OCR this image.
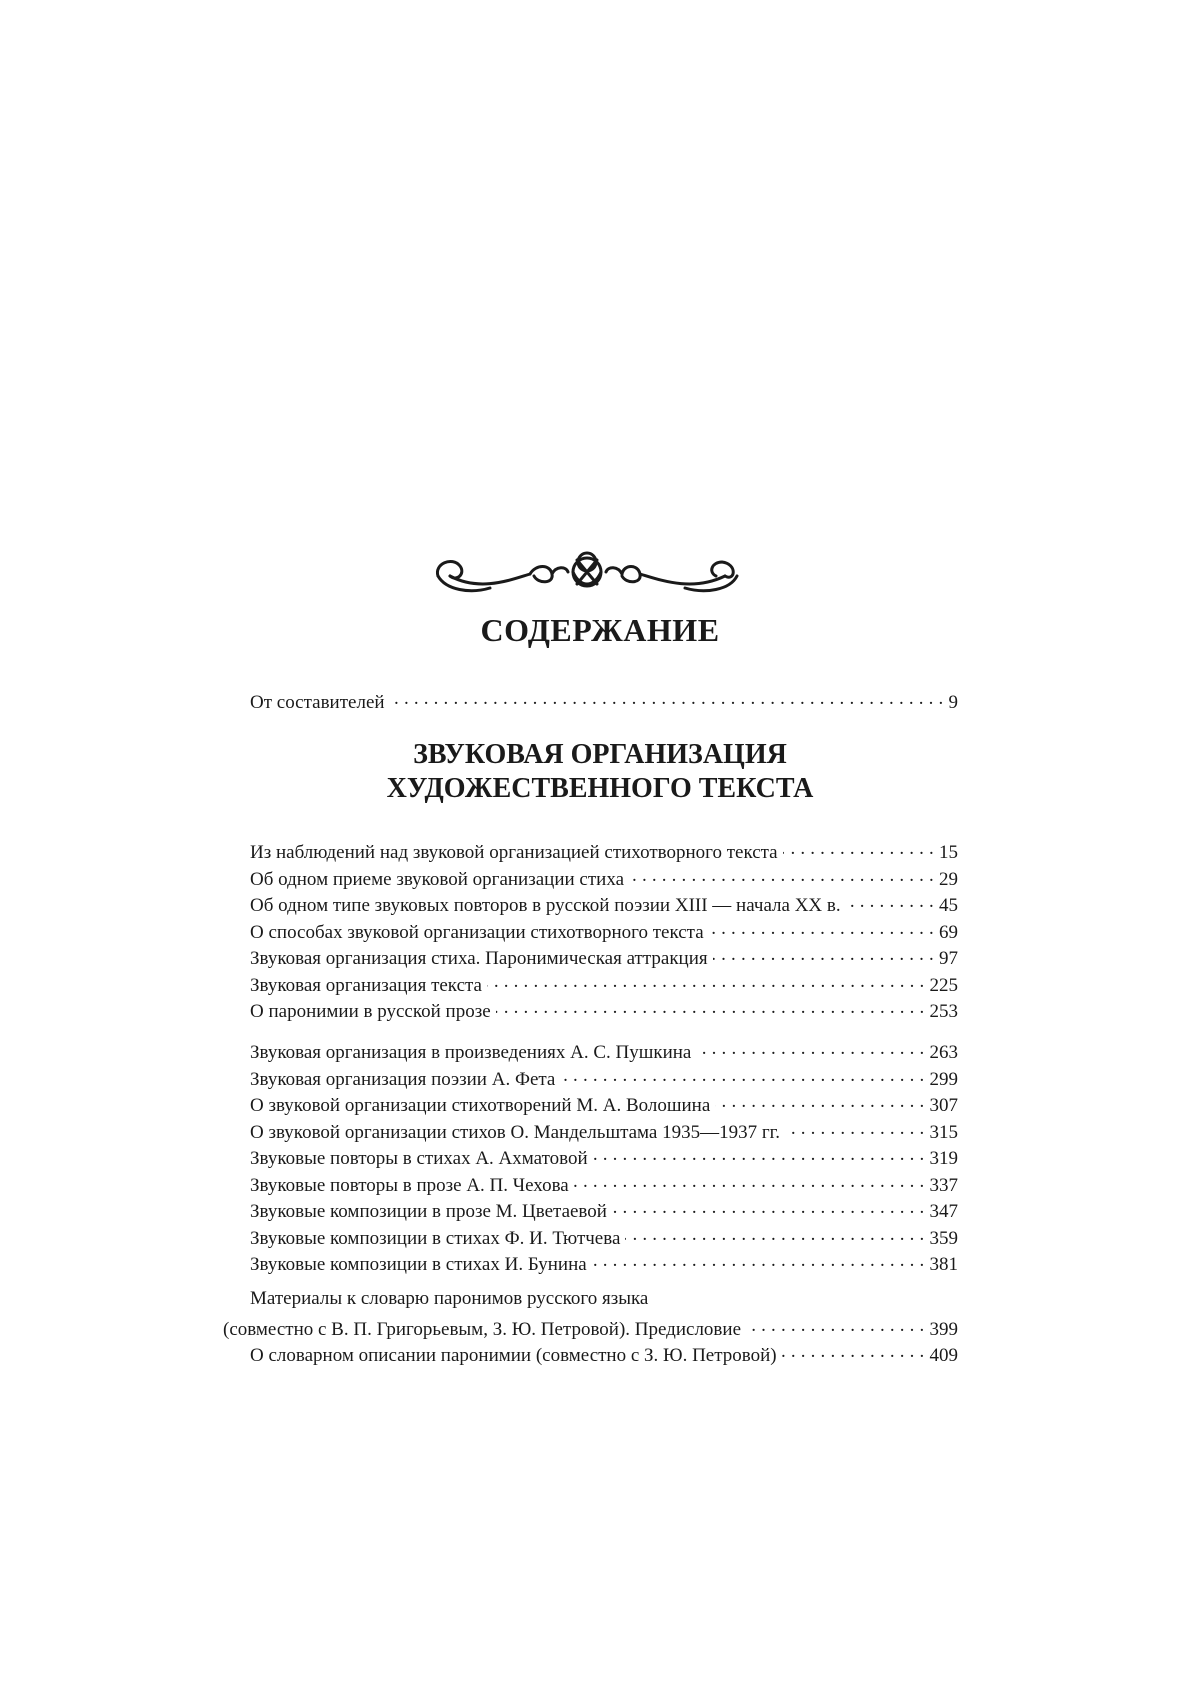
СОДЕРЖАНИЕ
От составителей . . .	9
ЗВУКОВАЯ ОРГАНИЗАЦИЯ
ХУДОЖЕСТВЕННОГО ТЕКСТА
Из наблюдений над звуковой организацией стихотворного текста . . .	15
Об одном приеме звуковой организации стиха . . .	29
Об одном типе звуковых повторов в русской поэзии XIII — начала XX в. . . .	45
О способах звуковой организации стихотворного текста . . .	69
Звуковая организация стиха. Паронимическая аттракция . . .	97
Звуковая организация текста . . .	225
О паронимии в русской прозе . . .	253
Звуковая организация в произведениях А. С. Пушкина . . .	263
Звуковая организация поэзии А. Фета . . .	299
О звуковой организации стихотворений М. А. Волошина . . .	307
О звуковой организации стихов О. Мандельштама 1935—1937 гг. . . .	315
Звуковые повторы в стихах А. Ахматовой . . .	319
Звуковые повторы в прозе А. П. Чехова . . .	337
Звуковые композиции в прозе М. Цветаевой . . .	347
Звуковые композиции в стихах Ф. И. Тютчева . . .	359
Звуковые композиции в стихах И. Бунина . . .	381
Материалы к словарю паронимов русского языка
(совместно с В. П. Григорьевым, З. Ю. Петровой). Предисловие . . .	399
О словарном описании паронимии (совместно с З. Ю. Петровой) . . .	409
